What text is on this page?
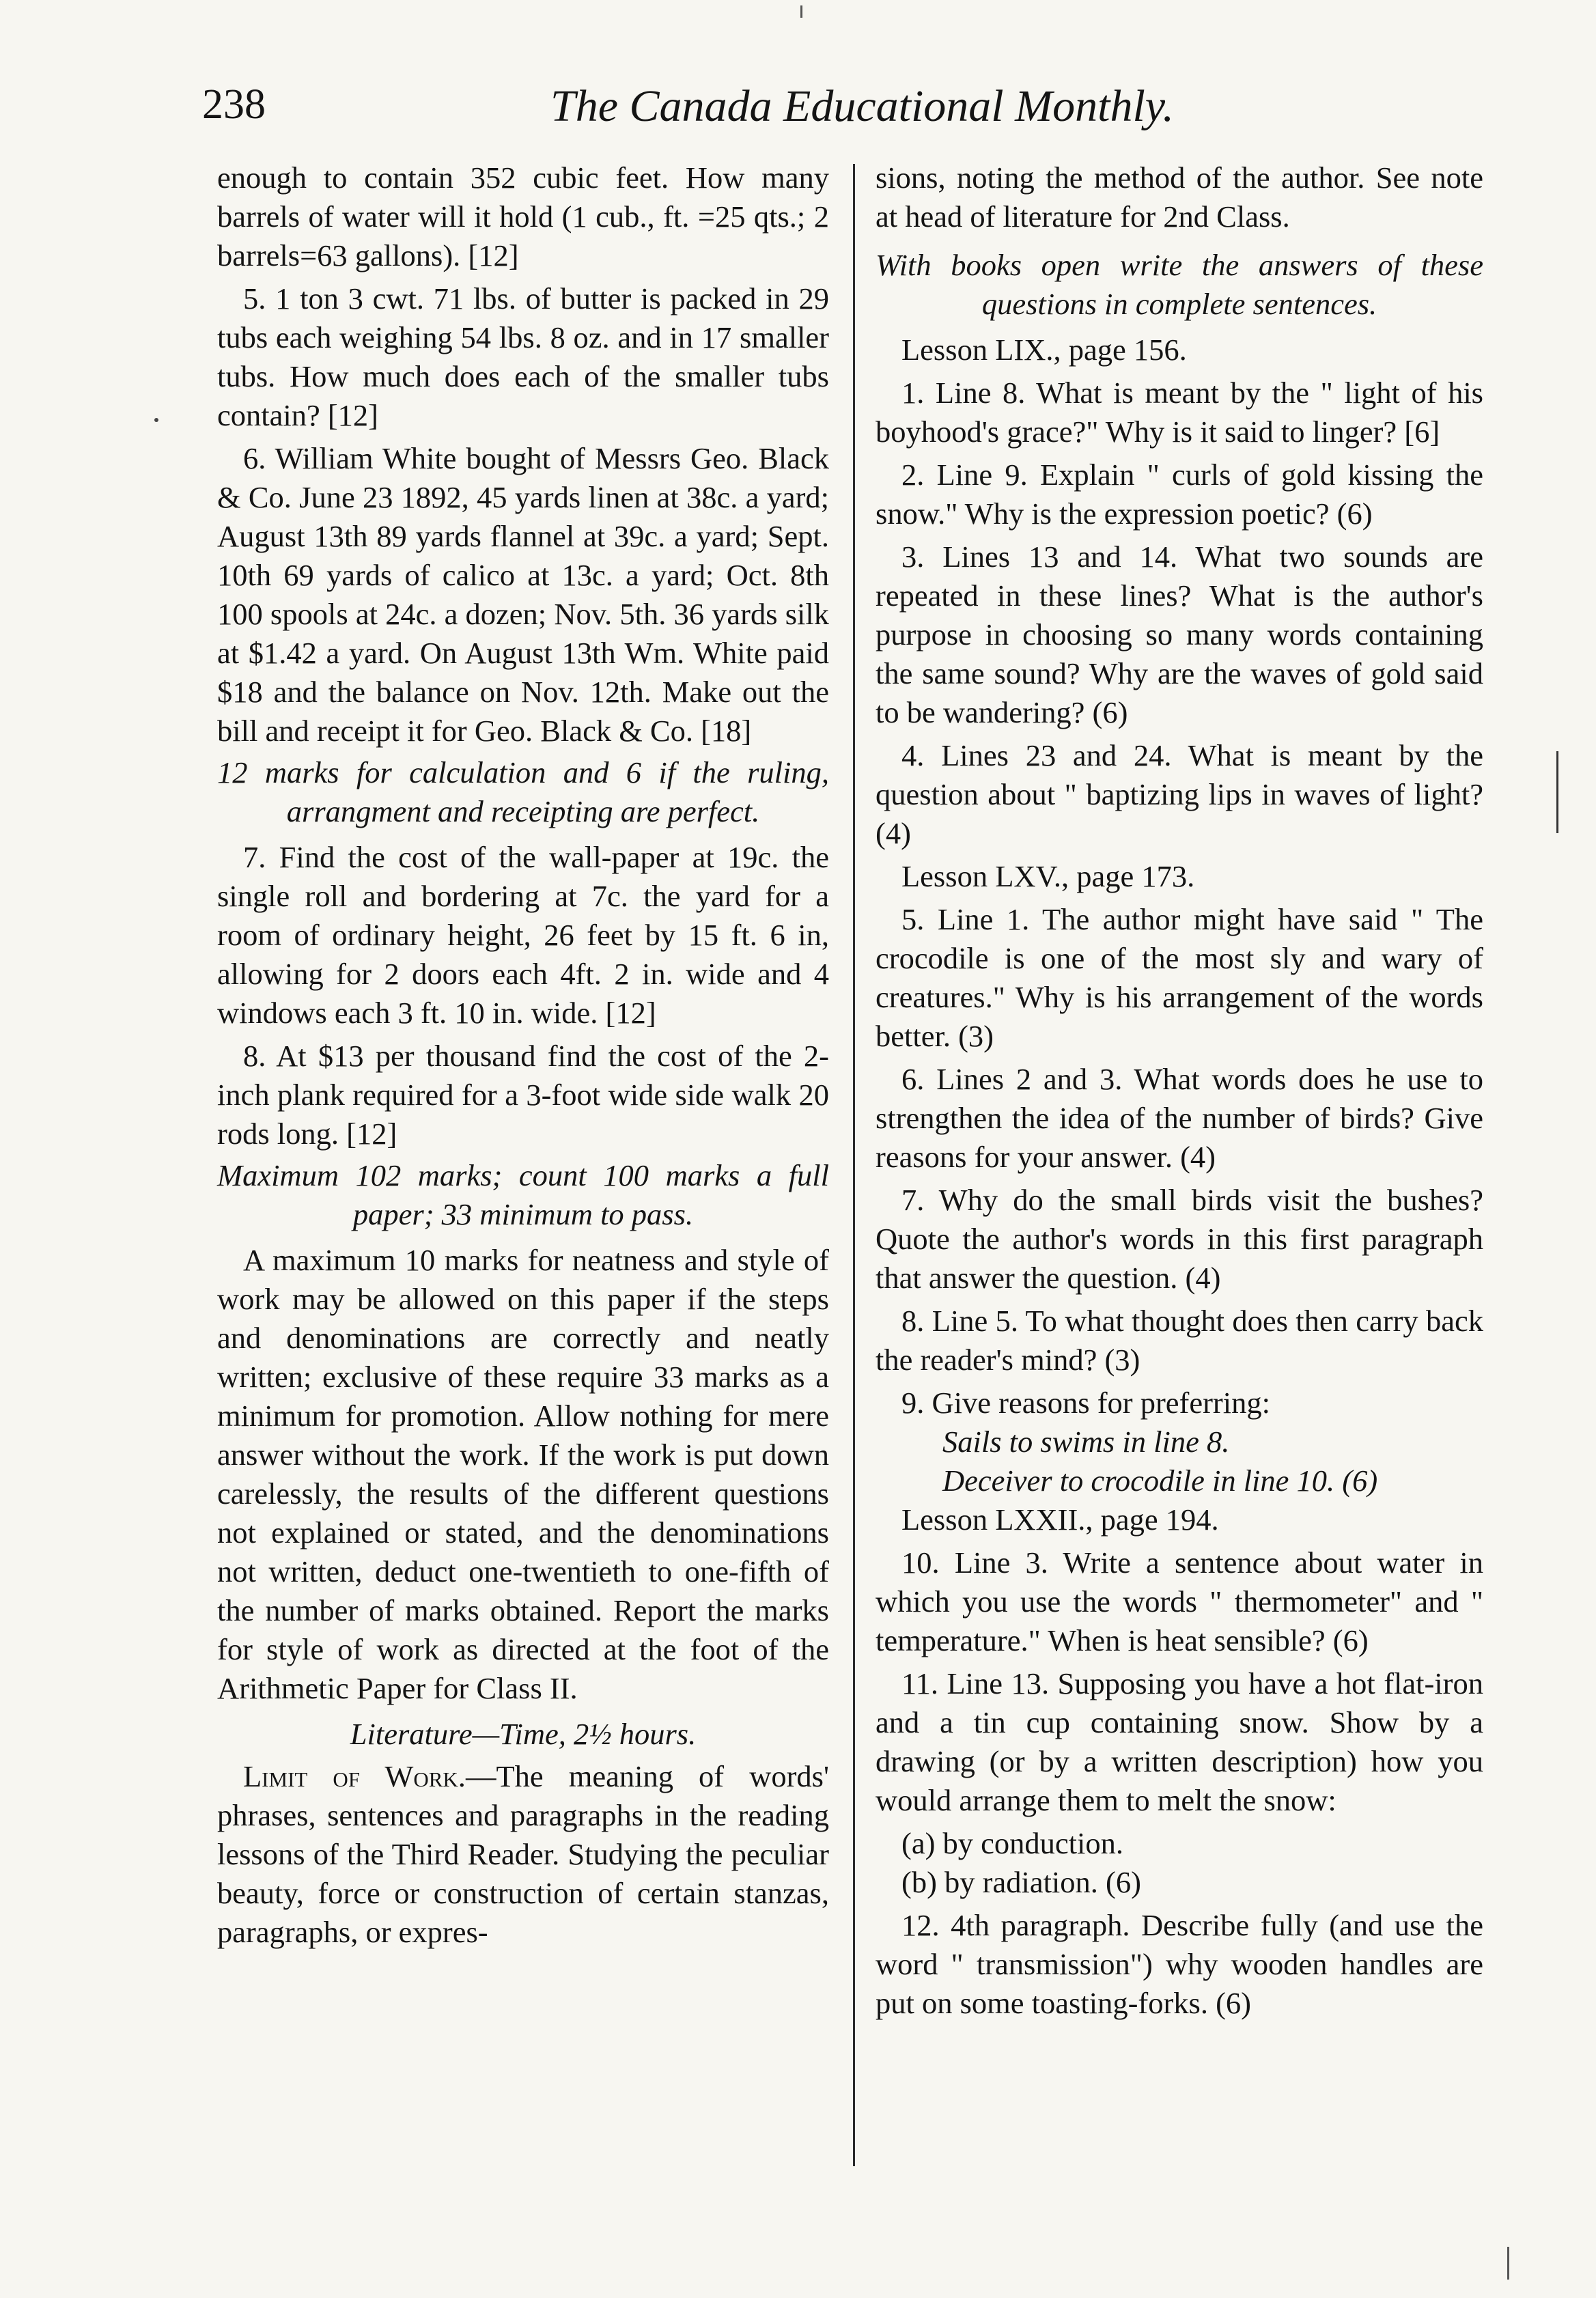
238	The Canada Educational Monthly.

enough to contain 352 cubic feet. How many barrels of water will it hold (1 cub., ft. =25 qts.; 2 barrels=63 gallons). [12]

5. 1 ton 3 cwt. 71 lbs. of butter is packed in 29 tubs each weighing 54 lbs. 8 oz. and in 17 smaller tubs. How much does each of the smaller tubs contain? [12]

6. William White bought of Messrs Geo. Black & Co. June 23 1892, 45 yards linen at 38c. a yard; August 13th 89 yards flannel at 39c. a yard; Sept. 10th 69 yards of calico at 13c. a yard; Oct. 8th 100 spools at 24c. a dozen; Nov. 5th. 36 yards silk at $1.42 a yard. On August 13th Wm. White paid $18 and the balance on Nov. 12th. Make out the bill and receipt it for Geo. Black & Co. [18]

12 marks for calculation and 6 if the ruling, arrangment and receipting are perfect.

7. Find the cost of the wall-paper at 19c. the single roll and bordering at 7c. the yard for a room of ordinary height, 26 feet by 15 ft. 6 in, allowing for 2 doors each 4ft. 2 in. wide and 4 windows each 3 ft. 10 in. wide. [12]

8. At $13 per thousand find the cost of the 2-inch plank required for a 3-foot wide side walk 20 rods long. [12]

Maximum 102 marks; count 100 marks a full paper; 33 minimum to pass.

A maximum 10 marks for neatness and style of work may be allowed on this paper if the steps and denominations are correctly and neatly written; exclusive of these require 33 marks as a minimum for promotion. Allow nothing for mere answer without the work. If the work is put down carelessly, the results of the different questions not explained or stated, and the denominations not written, deduct one-twentieth to one-fifth of the number of marks obtained. Report the marks for style of work as directed at the foot of the Arithmetic Paper for Class II.

Literature—Time, 2½ hours.

Limit of Work.—The meaning of words' phrases, sentences and paragraphs in the reading lessons of the Third Reader. Studying the peculiar beauty, force or construction of certain stanzas, paragraphs, or expres-

sions, noting the method of the author. See note at head of literature for 2nd Class.

With books open write the answers of these questions in complete sentences.

Lesson LIX., page 156.

1. Line 8. What is meant by the " light of his boyhood's grace?" Why is it said to linger? [6]

2. Line 9. Explain " curls of gold kissing the snow." Why is the expression poetic? (6)

3. Lines 13 and 14. What two sounds are repeated in these lines? What is the author's purpose in choosing so many words containing the same sound? Why are the waves of gold said to be wandering? (6)

4. Lines 23 and 24. What is meant by the question about " baptizing lips in waves of light? (4)

Lesson LXV., page 173.

5. Line 1. The author might have said " The crocodile is one of the most sly and wary of creatures." Why is his arrangement of the words better. (3)

6. Lines 2 and 3. What words does he use to strengthen the idea of the number of birds? Give reasons for your answer. (4)

7. Why do the small birds visit the bushes? Quote the author's words in this first paragraph that answer the question. (4)

8. Line 5. To what thought does then carry back the reader's mind? (3)

9. Give reasons for preferring:

Sails to swims in line 8.

Deceiver to crocodile in line 10. (6)

Lesson LXXII., page 194.

10. Line 3. Write a sentence about water in which you use the words " thermometer" and " temperature." When is heat sensible? (6)

11. Line 13. Supposing you have a hot flat-iron and a tin cup containing snow. Show by a drawing (or by a written description) how you would arrange them to melt the snow:

(a) by conduction.

(b) by radiation. (6)

12. 4th paragraph. Describe fully (and use the word " transmission") why wooden handles are put on some toasting-forks. (6)
